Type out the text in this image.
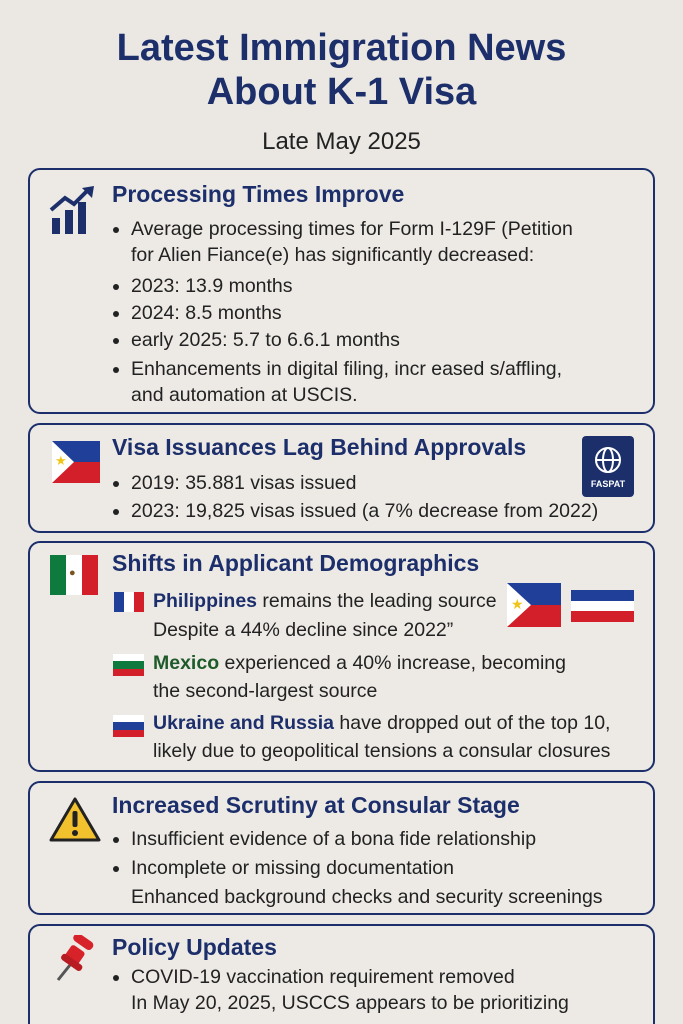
Latest Immigration News
About K-1 Visa
Late May 2025
Processing Times Improve
Average processing times for Form I-129F (Petition
for Alien Fiance(e) has significantly decreased:
2023: 13.9 months
2024: 8.5 months
early 2025: 5.7 to 6.6.1 months
Enhancements in digital filing, incr eased s/affling,
and automation at USCIS.
★
Visa Issuances Lag Behind Approvals
FASPAT
2019: 35.881 visas issued
2023: 19,825 visas issued (a 7% decrease from 2022)
● Shifts in Applicant Demographics
Philippines remains the leading source
Despite a 44% decline since 2022”
★
Mexico experienced a 40% increase, becoming
the second-largest source
Ukraine and Russia have dropped out of the top 10,
likely due to geopolitical tensions a consular closures
Increased Scrutiny at Consular Stage
Insufficient evidence of a bona fide relationship
Incomplete or missing documentation
Enhanced background checks and security screenings
Policy Updates
COVID-19 vaccination requirement removed
In May 20, 2025, USCCS appears to be prioritizing
